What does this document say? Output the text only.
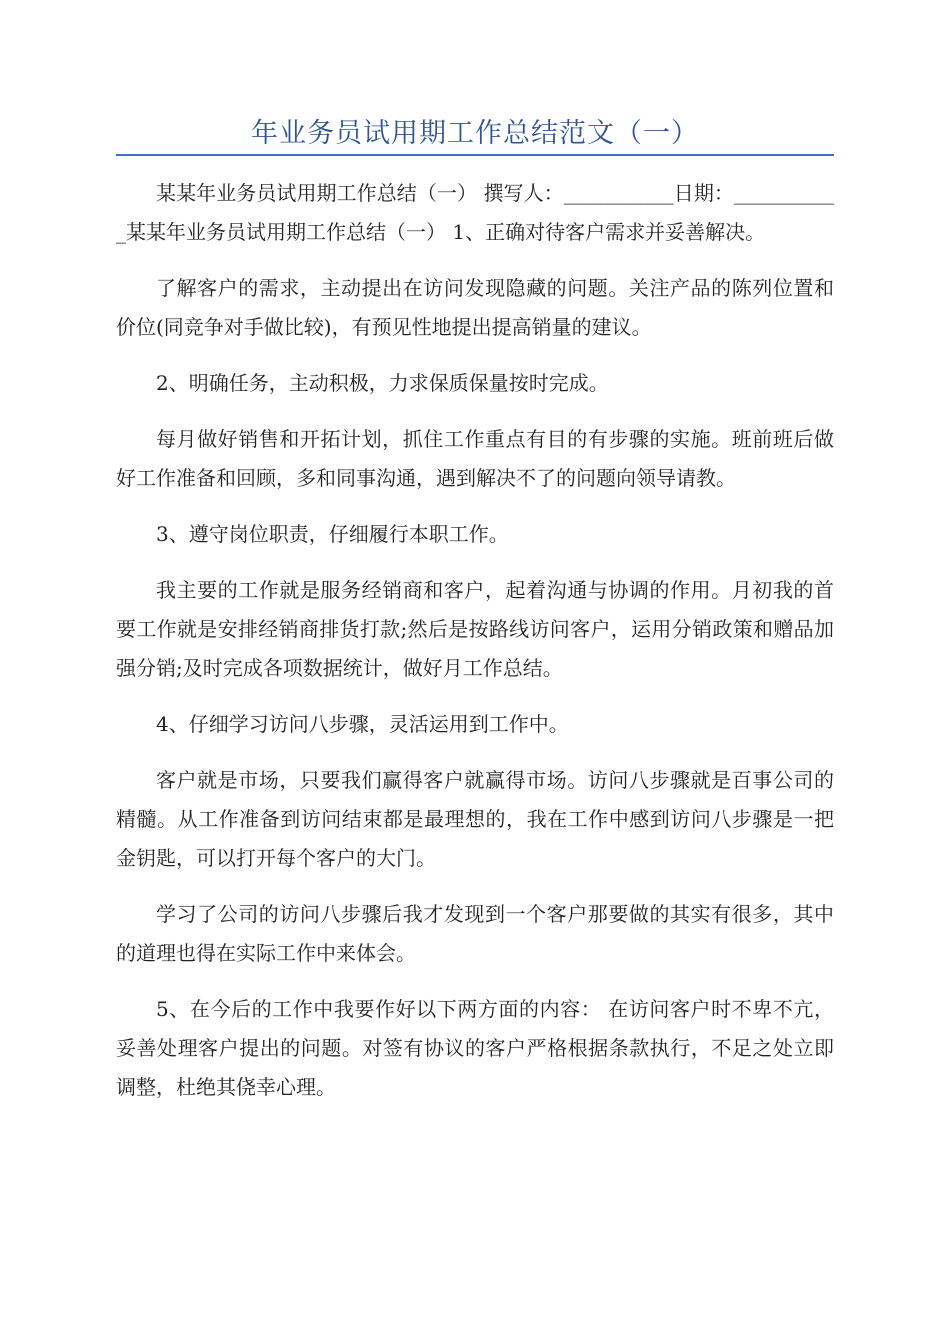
年业务员试用期工作总结范文（一）

某某年业务员试用期工作总结（一） 撰写人：___________日期：___________某某年业务员试用期工作总结（一） 1、正确对待客户需求并妥善解决。

了解客户的需求，主动提出在访问发现隐藏的问题。关注产品的陈列位置和价位(同竞争对手做比较)，有预见性地提出提高销量的建议。

2、明确任务，主动积极，力求保质保量按时完成。

每月做好销售和开拓计划，抓住工作重点有目的有步骤的实施。班前班后做好工作准备和回顾，多和同事沟通，遇到解决不了的问题向领导请教。

3、遵守岗位职责，仔细履行本职工作。

我主要的工作就是服务经销商和客户，起着沟通与协调的作用。月初我的首要工作就是安排经销商排货打款;然后是按路线访问客户，运用分销政策和赠品加强分销;及时完成各项数据统计，做好月工作总结。

4、仔细学习访问八步骤，灵活运用到工作中。

客户就是市场，只要我们赢得客户就赢得市场。访问八步骤就是百事公司的精髓。从工作准备到访问结束都是最理想的，我在工作中感到访问八步骤是一把金钥匙，可以打开每个客户的大门。

学习了公司的访问八步骤后我才发现到一个客户那要做的其实有很多，其中的道理也得在实际工作中来体会。

5、在今后的工作中我要作好以下两方面的内容： 在访问客户时不卑不亢，妥善处理客户提出的问题。对签有协议的客户严格根据条款执行，不足之处立即调整，杜绝其侥幸心理。
